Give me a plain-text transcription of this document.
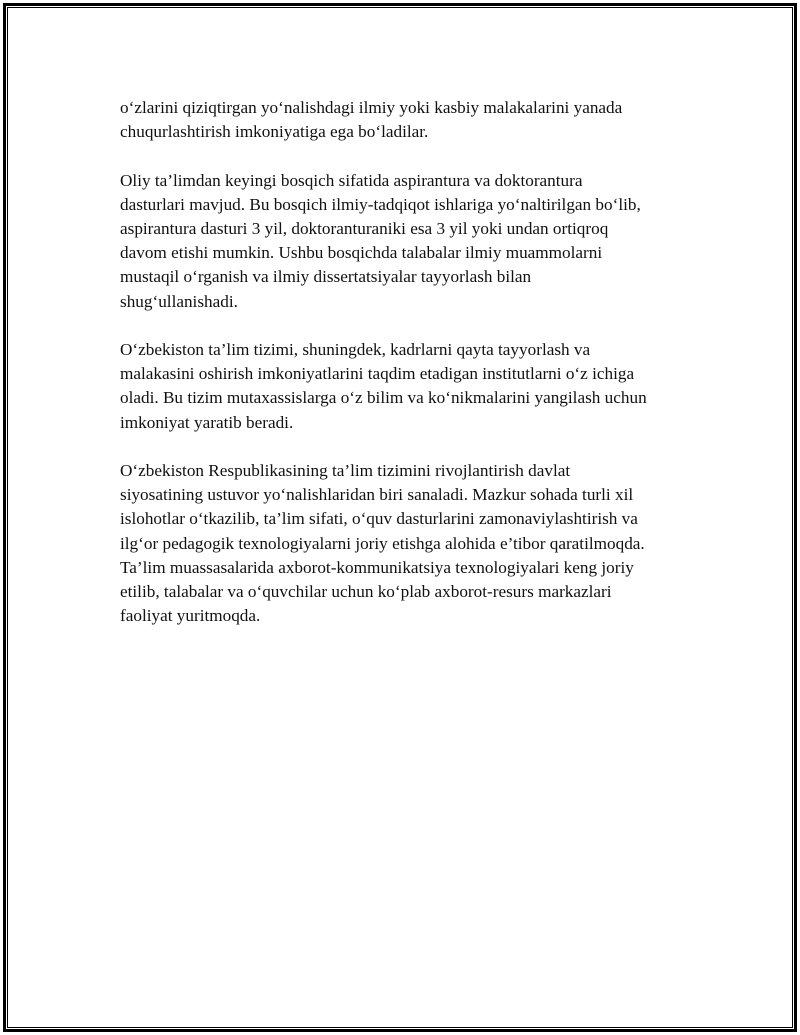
o‘zlarini qiziqtirgan yo‘nalishdagi ilmiy yoki kasbiy malakalarini yanada
chuqurlashtirish imkoniyatiga ega bo‘ladilar.

Oliy ta’limdan keyingi bosqich sifatida aspirantura va doktorantura
dasturlari mavjud. Bu bosqich ilmiy-tadqiqot ishlariga yo‘naltirilgan bo‘lib,
aspirantura dasturi 3 yil, doktoranturaniki esa 3 yil yoki undan ortiqroq
davom etishi mumkin. Ushbu bosqichda talabalar ilmiy muammolarni
mustaqil o‘rganish va ilmiy dissertatsiyalar tayyorlash bilan
shug‘ullanishadi.

O‘zbekiston ta’lim tizimi, shuningdek, kadrlarni qayta tayyorlash va
malakasini oshirish imkoniyatlarini taqdim etadigan institutlarni o‘z ichiga
oladi. Bu tizim mutaxassislarga o‘z bilim va ko‘nikmalarini yangilash uchun
imkoniyat yaratib beradi.

O‘zbekiston Respublikasining ta’lim tizimini rivojlantirish davlat
siyosatining ustuvor yo‘nalishlaridan biri sanaladi. Mazkur sohada turli xil
islohotlar o‘tkazilib, ta’lim sifati, o‘quv dasturlarini zamonaviylashtirish va
ilg‘or pedagogik texnologiyalarni joriy etishga alohida e’tibor qaratilmoqda.
Ta’lim muassasalarida axborot-kommunikatsiya texnologiyalari keng joriy
etilib, talabalar va o‘quvchilar uchun ko‘plab axborot-resurs markazlari
faoliyat yuritmoqda.
